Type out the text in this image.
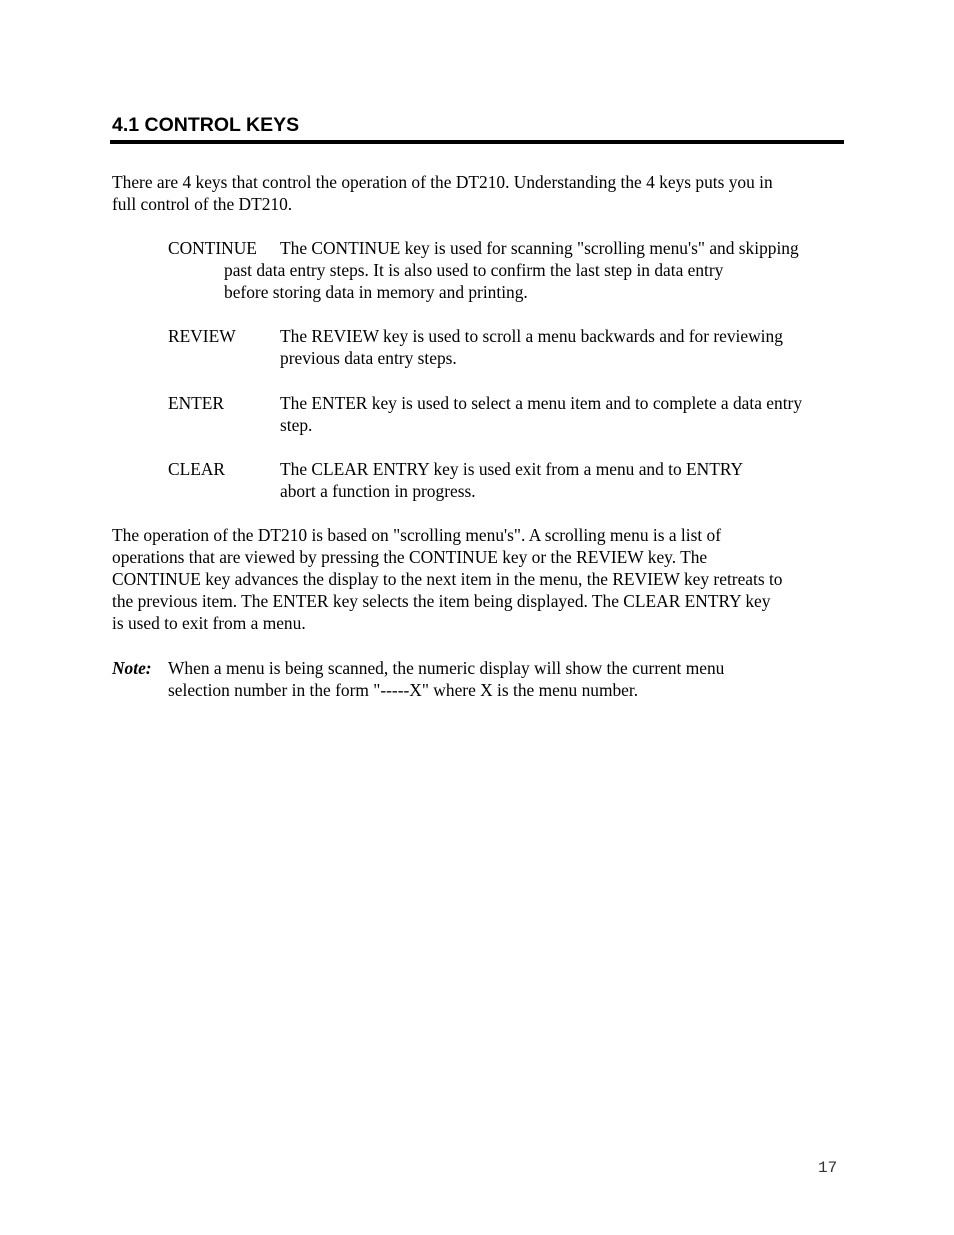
4.1 CONTROL KEYS
There are 4 keys that control the operation of the DT210. Understanding the 4 keys puts you in
full control of the DT210.
CONTINUE The CONTINUE key is used for scanning "scrolling menu's" and skipping
past data entry steps. It is also used to confirm the last step in data entry
before storing data in memory and printing.
REVIEW	The REVIEW key is used to scroll a menu backwards and for reviewing
previous data entry steps.
ENTER	The ENTER key is used to select a menu item and to complete a data entry
step.
CLEAR	The CLEAR ENTRY key is used exit from a menu and to ENTRY
abort a function in progress.
The operation of the DT210 is based on "scrolling menu's". A scrolling menu is a list of
operations that are viewed by pressing the CONTINUE key or the REVIEW key. The
CONTINUE key advances the display to the next item in the menu, the REVIEW key retreats to
the previous item. The ENTER key selects the item being displayed. The CLEAR ENTRY key
is used to exit from a menu.
Note: When a menu is being scanned, the numeric display will show the current menu
selection number in the form "-----X" where X is the menu number.
17
